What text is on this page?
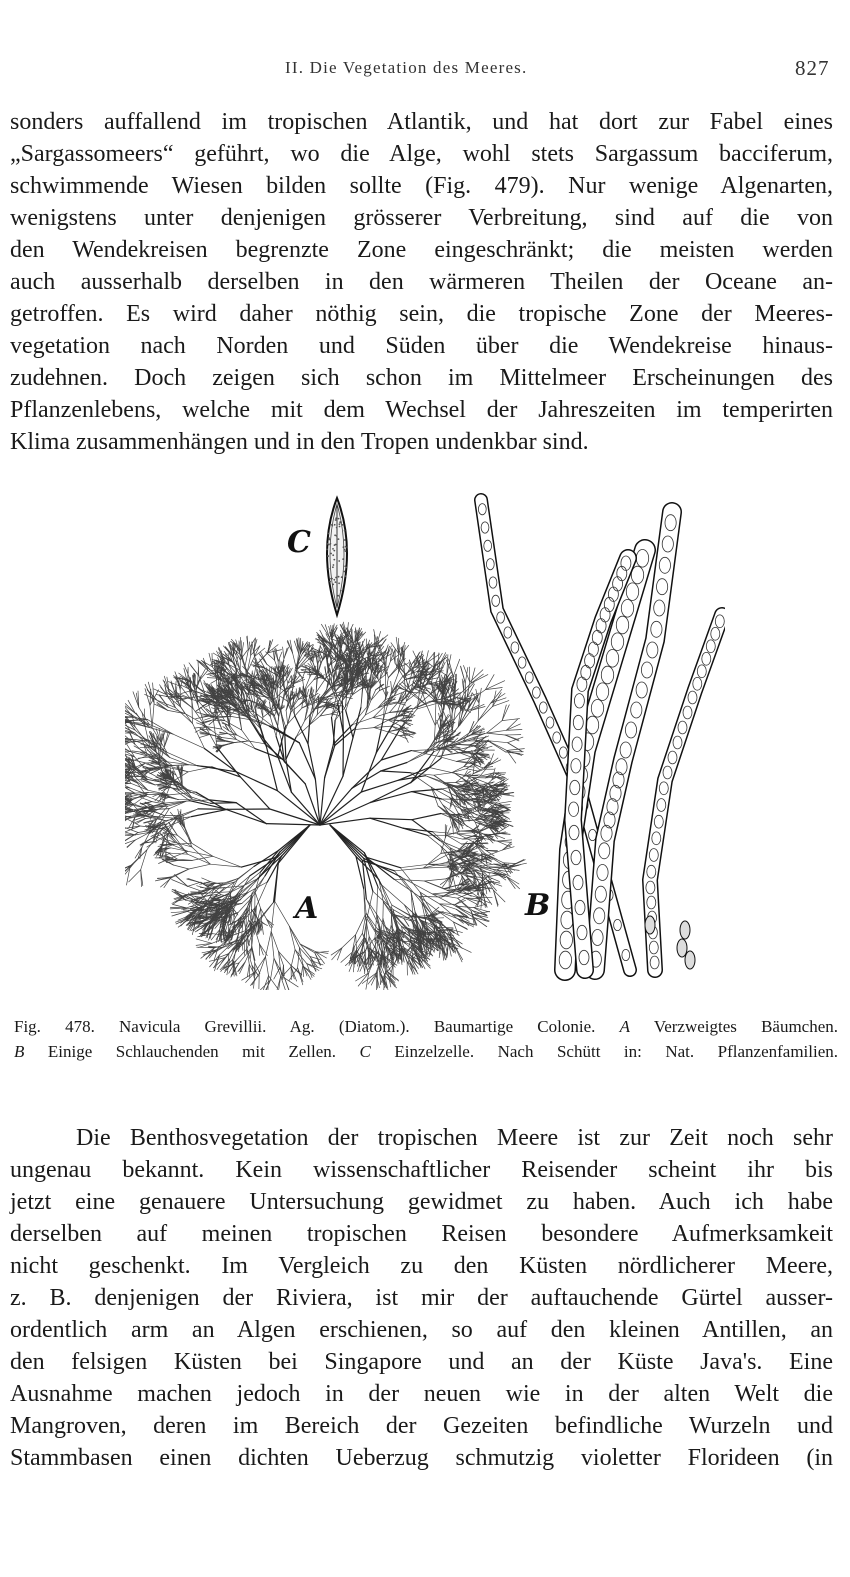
II. Die Vegetation des Meeres.	827
sonders auffallend im tropischen Atlantik, und hat dort zur Fabel eines
„Sargassomeers“ geführt, wo die Alge, wohl stets Sargassum bacciferum,
schwimmende Wiesen bilden sollte (Fig. 479). Nur wenige Algenarten,
wenigstens unter denjenigen grösserer Verbreitung, sind auf die von
den Wendekreisen begrenzte Zone eingeschränkt; die meisten werden
auch ausserhalb derselben in den wärmeren Theilen der Oceane an-
getroffen. Es wird daher nöthig sein, die tropische Zone der Meeres-
vegetation nach Norden und Süden über die Wendekreise hinaus-
zudehnen. Doch zeigen sich schon im Mittelmeer Erscheinungen des
Pflanzenlebens, welche mit dem Wechsel der Jahreszeiten im temperirten
Klima zusammenhängen und in den Tropen undenkbar sind.
C
A	B
Fig. 478. Navicula Grevillii. Ag. (Diatom.). Baumartige Colonie. A Verzweigtes Bäumchen.
B Einige Schlauchenden mit Zellen. C Einzelzelle. Nach Schütt in: Nat. Pflanzenfamilien.
Die Benthosvegetation der tropischen Meere ist zur Zeit noch sehr
ungenau bekannt. Kein wissenschaftlicher Reisender scheint ihr bis
jetzt eine genauere Untersuchung gewidmet zu haben. Auch ich habe
derselben auf meinen tropischen Reisen besondere Aufmerksamkeit
nicht geschenkt. Im Vergleich zu den Küsten nördlicherer Meere,
z. B. denjenigen der Riviera, ist mir der auftauchende Gürtel ausser-
ordentlich arm an Algen erschienen, so auf den kleinen Antillen, an
den felsigen Küsten bei Singapore und an der Küste Java's. Eine
Ausnahme machen jedoch in der neuen wie in der alten Welt die
Mangroven, deren im Bereich der Gezeiten befindliche Wurzeln und
Stammbasen einen dichten Ueberzug schmutzig violetter Florideen (in
